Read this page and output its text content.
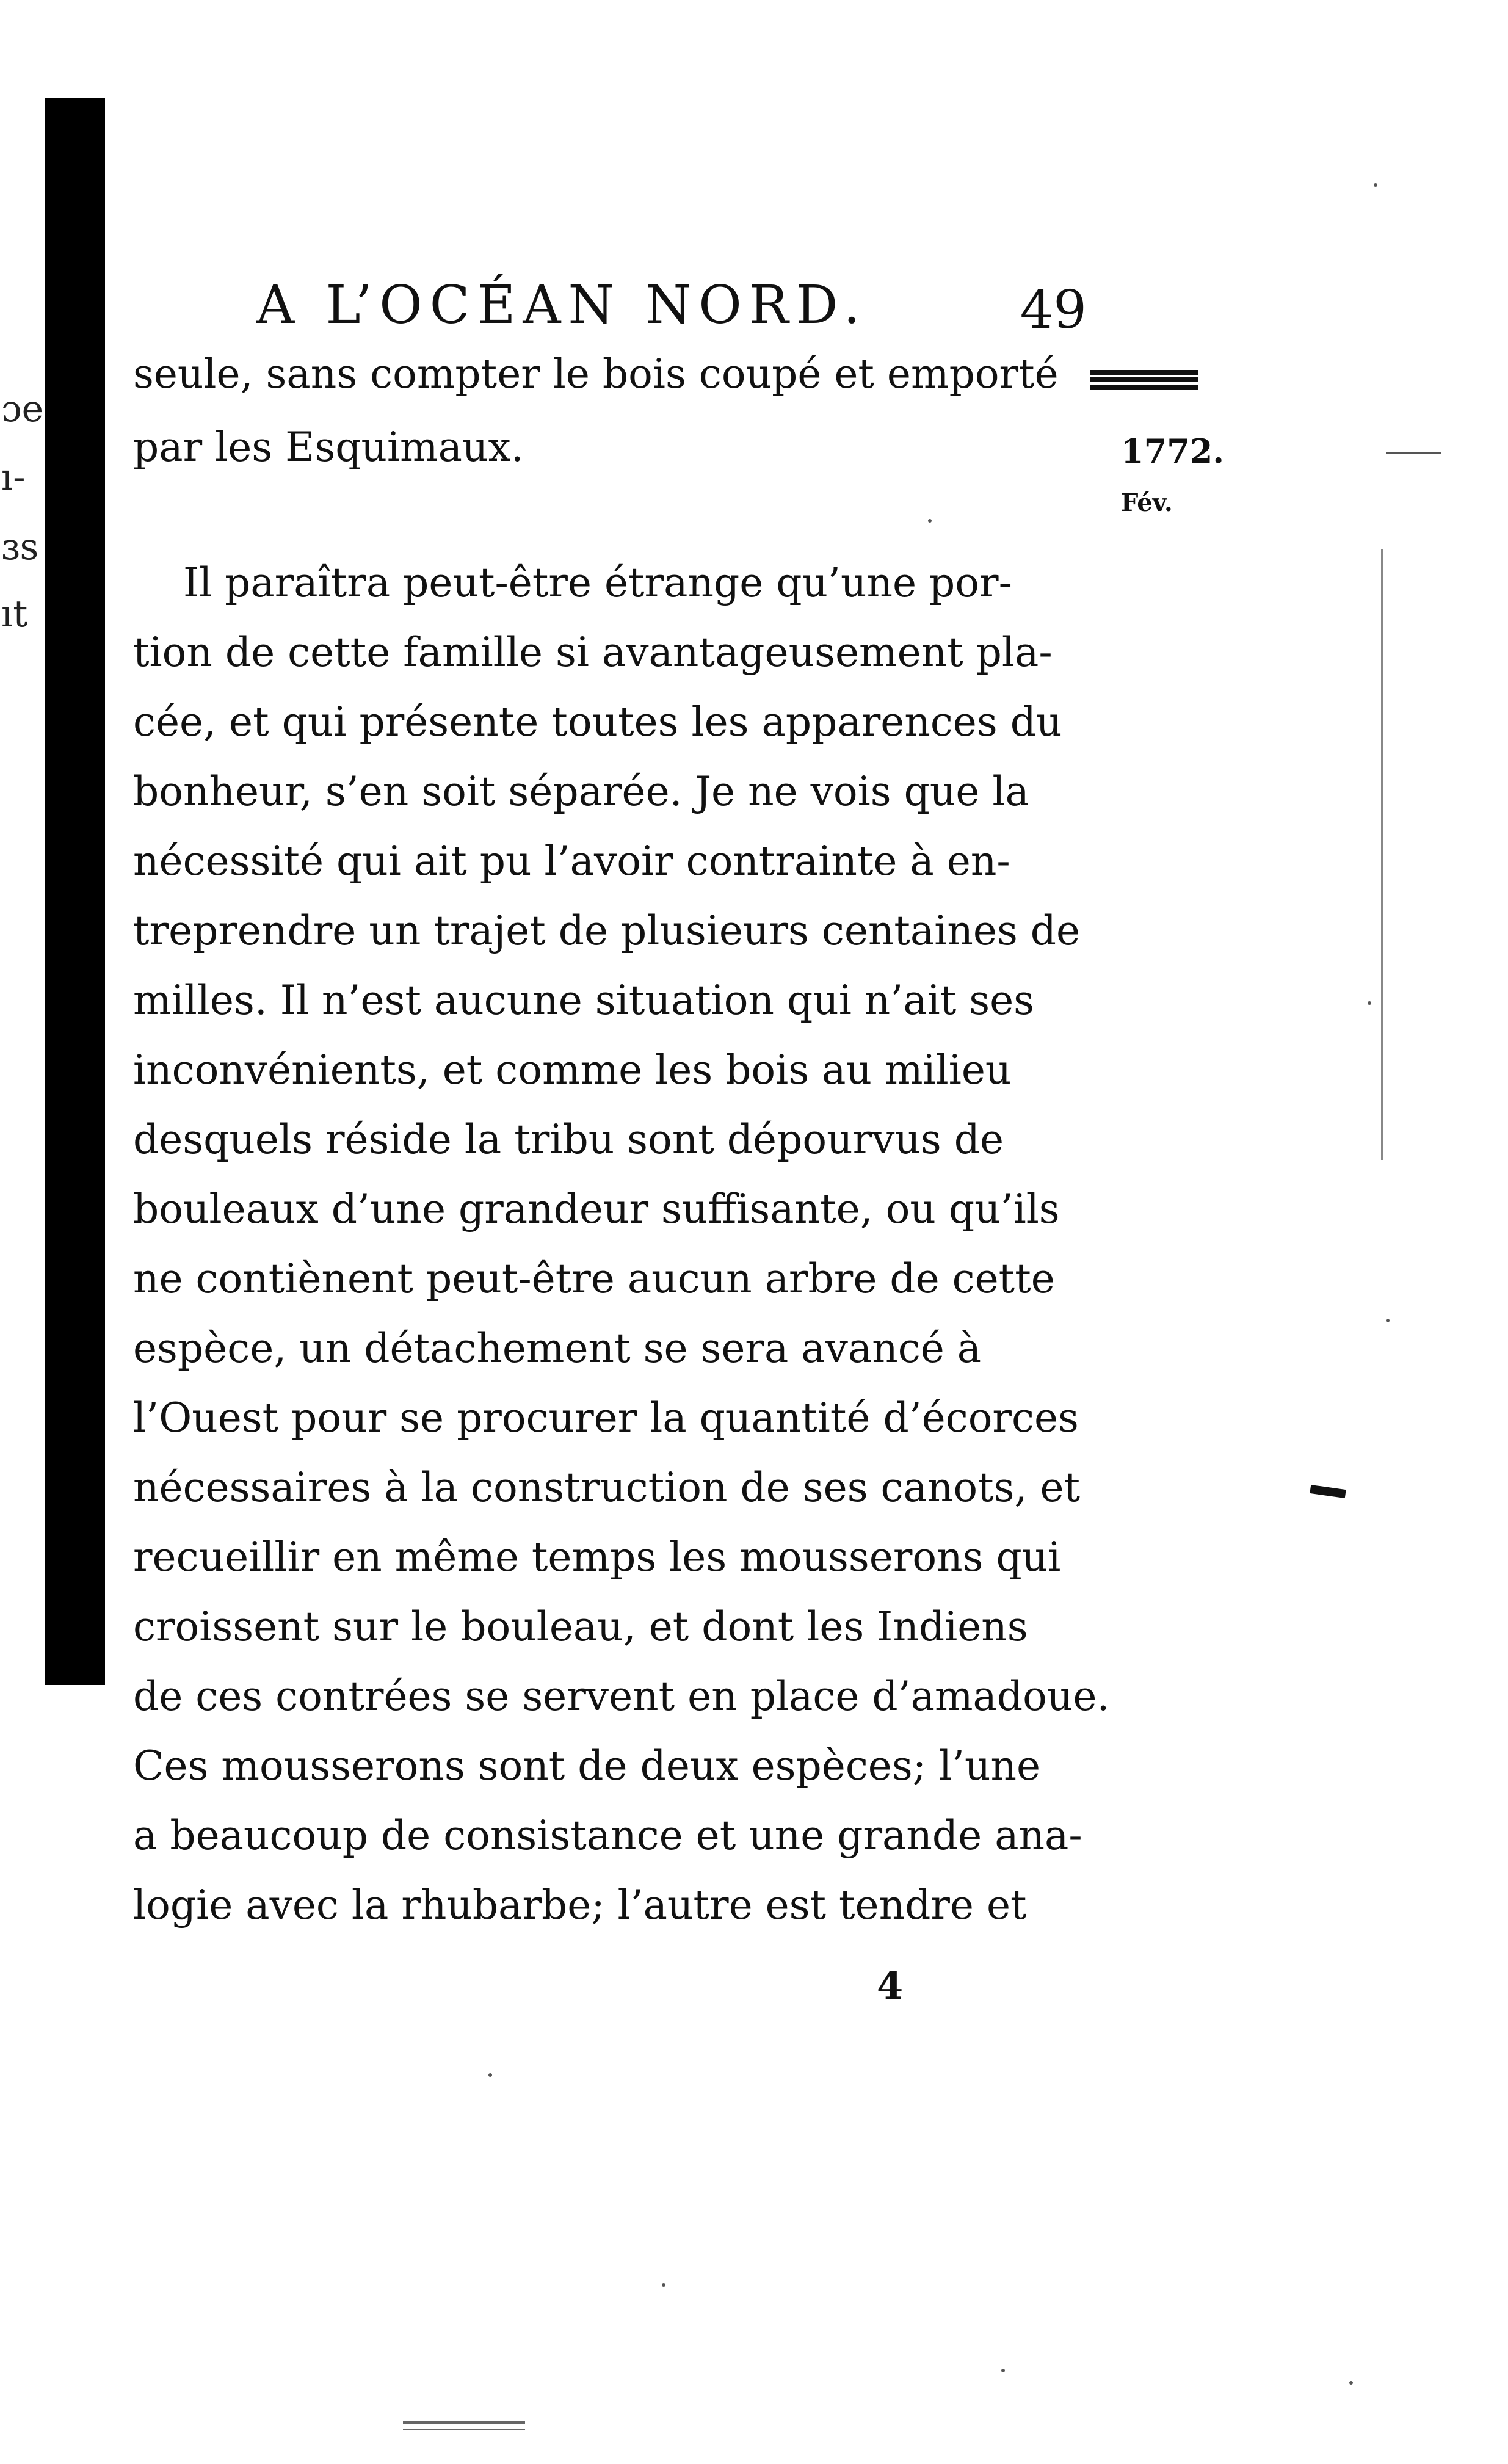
ɔe
ı-
ɜs
ıt
A L’OCÉAN NORD.	49
1772.
Fév.
seule, sans compter le bois coupé et emporté
par les Esquimaux.
Il paraîtra peut-être étrange qu’une por-
tion de cette famille si avantageusement pla-
cée, et qui présente toutes les apparences du
bonheur, s’en soit séparée. Je ne vois que la
nécessité qui ait pu l’avoir contrainte à en-
treprendre un trajet de plusieurs centaines de
milles. Il n’est aucune situation qui n’ait ses
inconvénients, et comme les bois au milieu
desquels réside la tribu sont dépourvus de
bouleaux d’une grandeur suffisante, ou qu’ils
ne contiènent peut-être aucun arbre de cette
espèce, un détachement se sera avancé à
l’Ouest pour se procurer la quantité d’écorces
nécessaires à la construction de ses canots, et
recueillir en même temps les mousserons qui
croissent sur le bouleau, et dont les Indiens
de ces contrées se servent en place d’amadoue.
Ces mousserons sont de deux espèces; l’une
a beaucoup de consistance et une grande ana-
logie avec la rhubarbe; l’autre est tendre et
4
